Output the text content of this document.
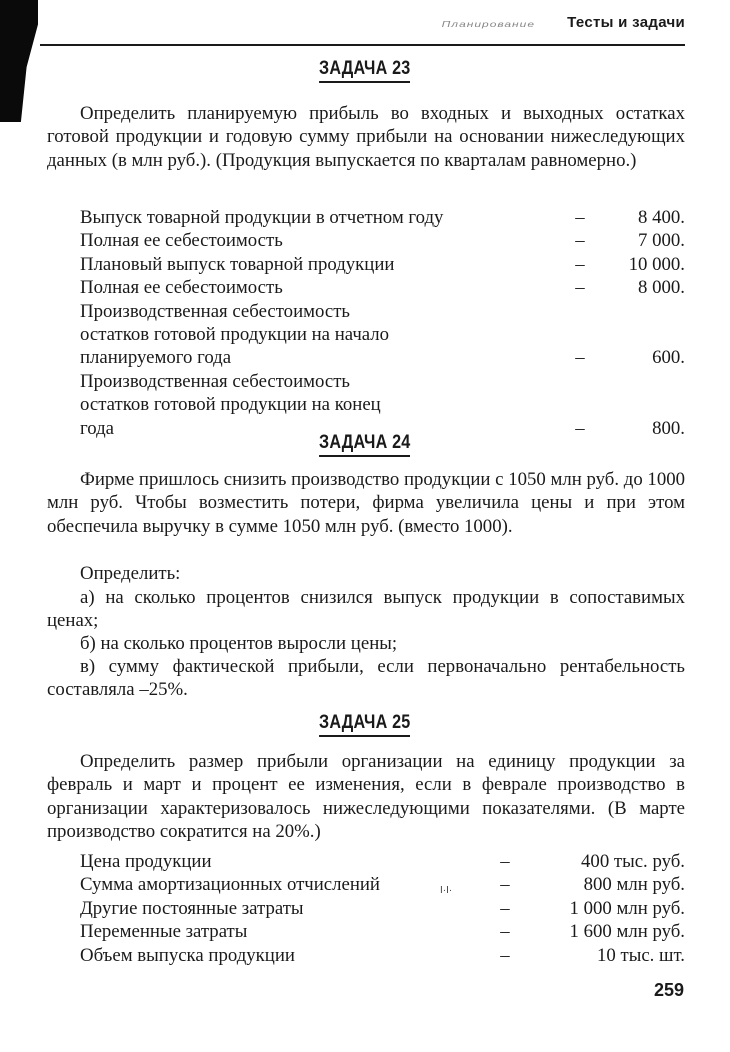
Планирование Тесты и задачи
ЗАДАЧА 23
Определить планируемую прибыль во входных и выходных остатках готовой продукции и годовую сумму прибыли на основании нижеследующих данных (в млн руб.). (Продукция выпускается по кварталам равномерно.)
Выпуск товарной продукции в отчетном году	–	8 400.
Полная ее себестоимость	–	7 000.
Плановый выпуск товарной продукции	–	10 000.
Полная ее себестоимость	–	8 000.
Производственная себестоимость остатков готовой продукции на начало планируемого года	–	600.
Производственная себестоимость остатков готовой продукции на конец года	–	800.
ЗАДАЧА 24
Фирме пришлось снизить производство продукции с 1050 млн руб. до 1000 млн руб. Чтобы возместить потери, фирма увеличила цены и при этом обеспечила выручку в сумме 1050 млн руб. (вместо 1000).
Определить:
а) на сколько процентов снизился выпуск продукции в сопоставимых ценах;
б) на сколько процентов выросли цены;
в) сумму фактической прибыли, если первоначально рентабельность составляла –25%.
ЗАДАЧА 25
Определить размер прибыли организации на единицу продукции за февраль и март и процент ее изменения, если в феврале производство в организации характеризовалось нижеследующими показателями. (В марте производство сократится на 20%.)
Цена продукции	–	400 тыс. руб.
Сумма амортизационных отчислений	–	800 млн руб.
Другие постоянные затраты	–	1 000 млн руб.
Переменные затраты	–	1 600 млн руб.
Объем выпуска продукции	–	10 тыс. шт.
I·I·
259
